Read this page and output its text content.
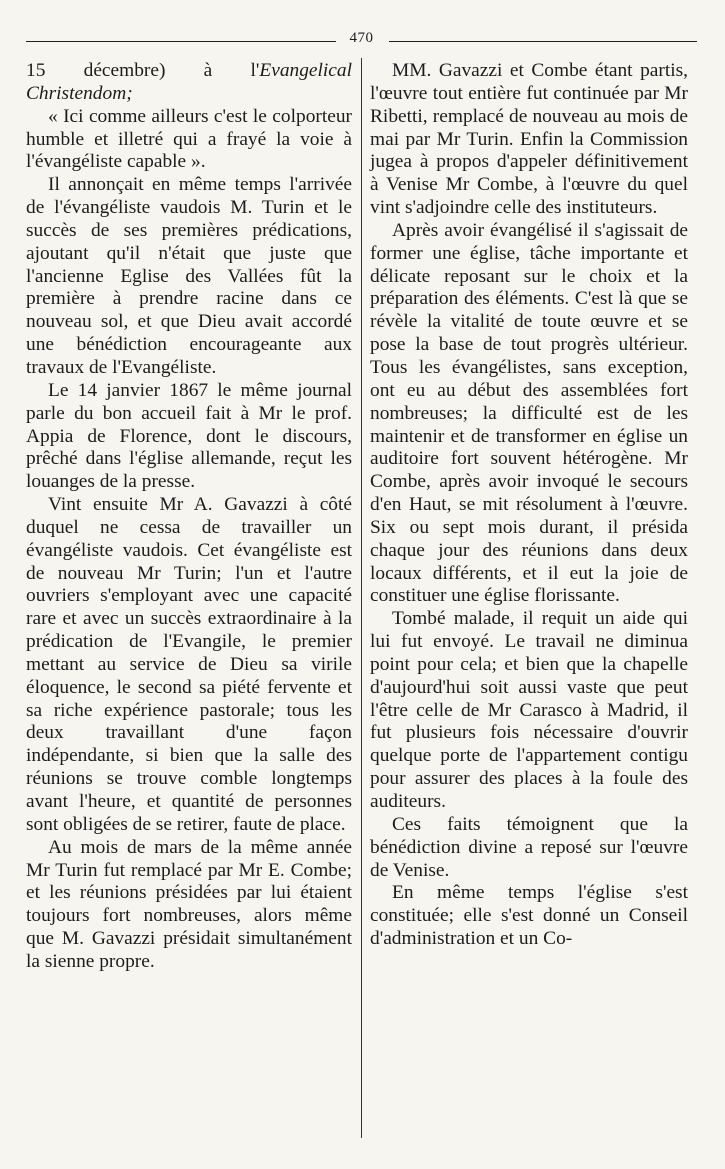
470

15 décembre) à l'Evangelical Christendom;

« Ici comme ailleurs c'est le colporteur humble et illetré qui a frayé la voie à l'évangéliste capable ».

Il annonçait en même temps l'arrivée de l'évangéliste vaudois M. Turin et le succès de ses premières prédications, ajoutant qu'il n'était que juste que l'ancienne Eglise des Vallées fût la première à prendre racine dans ce nouveau sol, et que Dieu avait accordé une bénédiction encourageante aux travaux de l'Evangéliste.

Le 14 janvier 1867 le même journal parle du bon accueil fait à Mr le prof. Appia de Florence, dont le discours, prêché dans l'église allemande, reçut les louanges de la presse.

Vint ensuite Mr A. Gavazzi à côté duquel ne cessa de travailler un évangéliste vaudois. Cet évangéliste est de nouveau Mr Turin; l'un et l'autre ouvriers s'employant avec une capacité rare et avec un succès extraordinaire à la prédication de l'Evangile, le premier mettant au service de Dieu sa virile éloquence, le second sa piété fervente et sa riche expérience pastorale; tous les deux travaillant d'une façon indépendante, si bien que la salle des réunions se trouve comble longtemps avant l'heure, et quantité de personnes sont obligées de se retirer, faute de place.

Au mois de mars de la même année Mr Turin fut remplacé par Mr E. Combe; et les réunions présidées par lui étaient toujours fort nombreuses, alors même que M. Gavazzi présidait simultanément la sienne propre.

MM. Gavazzi et Combe étant partis, l'œuvre tout entière fut continuée par Mr Ribetti, remplacé de nouveau au mois de mai par Mr Turin. Enfin la Commission jugea à propos d'appeler définitivement à Venise Mr Combe, à l'œuvre du quel vint s'adjoindre celle des instituteurs.

Après avoir évangélisé il s'agissait de former une église, tâche importante et délicate reposant sur le choix et la préparation des éléments. C'est là que se révèle la vitalité de toute œuvre et se pose la base de tout progrès ultérieur. Tous les évangélistes, sans exception, ont eu au début des assemblées fort nombreuses; la difficulté est de les maintenir et de transformer en église un auditoire fort souvent hétérogène. Mr Combe, après avoir invoqué le secours d'en Haut, se mit résolument à l'œuvre. Six ou sept mois durant, il présida chaque jour des réunions dans deux locaux différents, et il eut la joie de constituer une église florissante.

Tombé malade, il requit un aide qui lui fut envoyé. Le travail ne diminua point pour cela; et bien que la chapelle d'aujourd'hui soit aussi vaste que peut l'être celle de Mr Carasco à Madrid, il fut plusieurs fois nécessaire d'ouvrir quelque porte de l'appartement contigu pour assurer des places à la foule des auditeurs.

Ces faits témoignent que la bénédiction divine a reposé sur l'œuvre de Venise.

En même temps l'église s'est constituée; elle s'est donné un Conseil d'administration et un Co-
